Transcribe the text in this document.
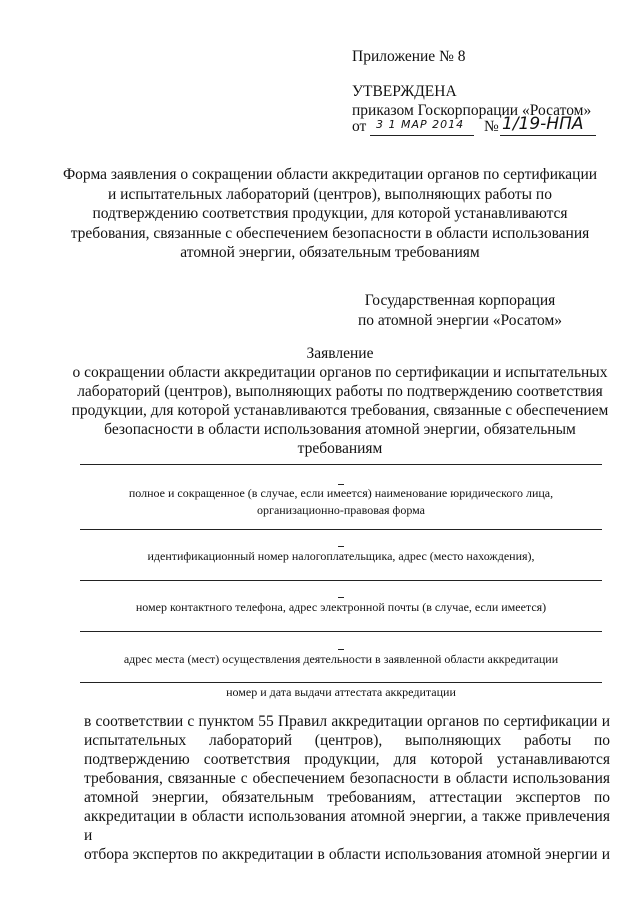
Приложение № 8
УТВЕРЖДЕНА
приказом Госкорпорации «Росатом»
от 3 1 МАР 2014 № 1/19-НПА
Форма заявления о сокращении области аккредитации органов по сертификации
и испытательных лабораторий (центров), выполняющих работы по
подтверждению соответствия продукции, для которой устанавливаются
требования, связанные с обеспечением безопасности в области использования
атомной энергии, обязательным требованиям
Государственная корпорация
по атомной энергии «Росатом»
Заявление
о сокращении области аккредитации органов по сертификации и испытательных
лабораторий (центров), выполняющих работы по подтверждению соответствия
продукции, для которой устанавливаются требования, связанные с обеспечением
безопасности в области использования атомной энергии, обязательным
требованиям
полное и сокращенное (в случае, если имеется) наименование юридического лица,
организационно-правовая форма
идентификационный номер налогоплательщика, адрес (место нахождения),
номер контактного телефона, адрес электронной почты (в случае, если имеется)
адрес места (мест) осуществления деятельности в заявленной области аккредитации
номер и дата выдачи аттестата аккредитации
в соответствии с пунктом 55 Правил аккредитации органов по сертификации и
испытательных лабораторий (центров), выполняющих работы по
подтверждению соответствия продукции, для которой устанавливаются
требования, связанные с обеспечением безопасности в области использования
атомной энергии, обязательным требованиям, аттестации экспертов по
аккредитации в области использования атомной энергии, а также привлечения и
отбора экспертов по аккредитации в области использования атомной энергии и
